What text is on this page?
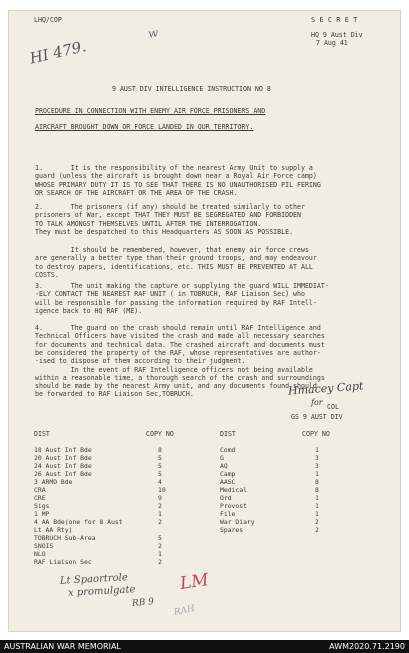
LHQ/COP	S E C R E T
HQ 9 Aust Div
7 Aug 41
HI 479.
w
9 AUST DIV INTELLIGENCE INSTRUCTION NO 8
PROCEDURE IN CONNECTION WITH ENEMY AIR FORCE PRISONERS AND
AIRCRAFT BROUGHT DOWN OR FORCE LANDED IN OUR TERRITORY.
1.       It is the responsibility of the nearest Army Unit to supply a
guard (unless the aircraft is brought down near a Royal Air Force camp)
WHOSE PRIMARY DUTY IT IS TO SEE THAT THERE IS NO UNAUTHORISED PIL FERING
OR SEARCH OF THE AIRCRAFT OR THE AREA OF THE CRASH.
2.       The prisoners (if any) should be treated similarly to other
prisoners of War, except THAT THEY MUST BE SEGREGATED AND FORBIDDEN
TO TALK AMONGST THEMSELVES UNTIL AFTER THE INTERROGATION.
They must be despatched to this Headquarters AS SOON AS POSSIBLE.
It should be remembered, however, that enemy air force crews
are generally a better type than their ground troops, and may endeavour
to destroy papers, identifications, etc. THIS MUST BE PREVENTED AT ALL
COSTS.
3.       The unit making the capture or supplying the guard WILL IMMEDIAT-
-ELY CONTACT THE NEAREST RAF UNIT ( in TOBRUCH, RAF Liaison Sec) who
will be responsible for passing the information required by RAF Intell-
igence back to HQ RAF (ME).
4.       The guard on the crash should remain until RAF Intelligence and
Technical Officers have visited the crash and made all necessary searches
for documents and technical data. The crashed aircraft and documents must
be considered the property of the RAF, whose representatives are author-
-ised to dispose of them according to their judgment.
In the event of RAF Intelligence officers not being available
within a reasonable time, a thorough search of the crash and surroundings
should be made by the nearest Army unit, and any documents found should
be forwarded to RAF Liaison Sec,TOBRUCH.	Hmacey Capt
for COL
GS 9 AUST DIV
DIST	COPY NO	DIST	COPY NO
18 Aust Inf Bde	8
20 Aust Inf Bde	5
24 Aust Inf Bde	5
26 Aust Inf Bde	5
3 ARMD Bde	4
CRA	10
CRE	9
Sigs	2
1 MP	1
4 AA Bde(one for 8 Aust	2
Lt AA Rty)	
TOBRUCH Sub-Area	5
SNOIS	2
NLO	1
RAF Liaison Sec	2
Comd	1
G	3
AQ	3
Camp	1
AASC	8
Medical	8
Ord	1
Provost	1
File	1
War Diary	2

Spares	2
Lt Spaortrole
x promulgate
RB 9
LM
RAH
AUSTRALIAN WAR MEMORIAL	AWM2020.71.2190
